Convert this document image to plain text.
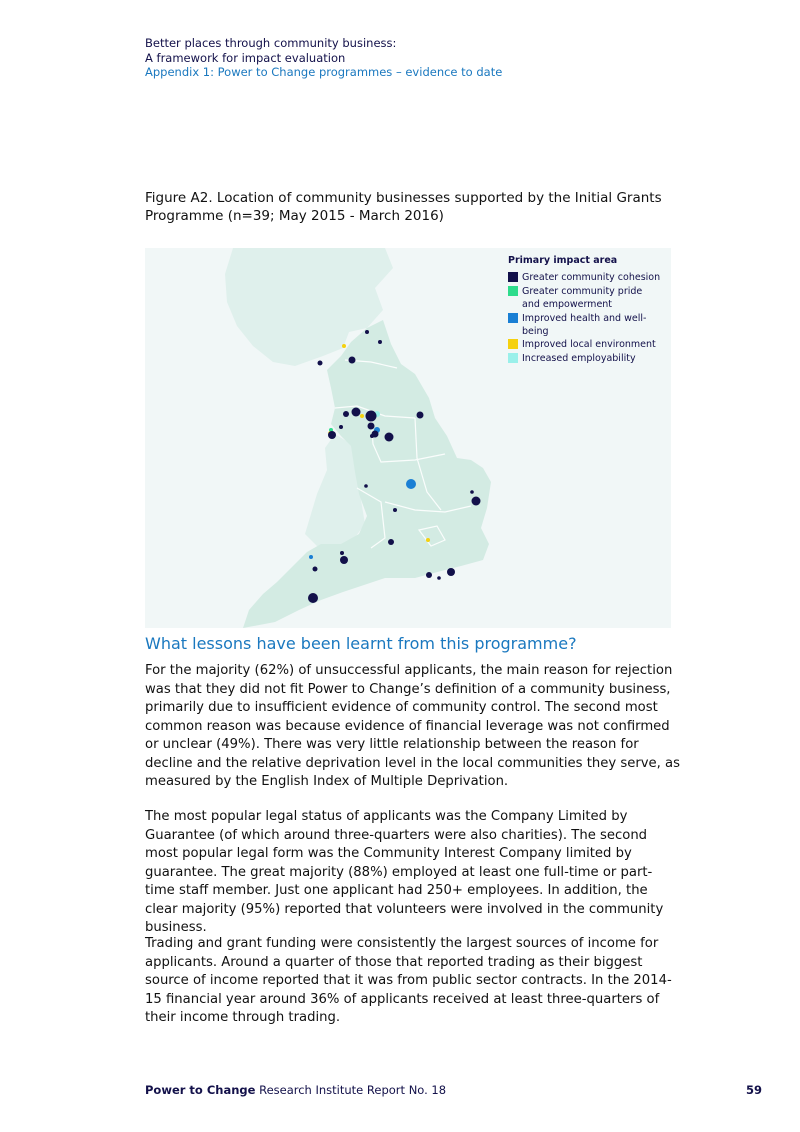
Better places through community business:
A framework for impact evaluation
Appendix 1: Power to Change programmes – evidence to date
Figure A2. Location of community businesses supported by the Initial Grants Programme (n=39; May 2015 - March 2016)
Primary impact area
Greater community cohesion
Greater community pride
and empowerment
Improved health and well-being
Improved local environment
Increased employability
What lessons have been learnt from this programme?

For the majority (62%) of unsuccessful applicants, the main reason for rejection was that they did not fit Power to Change’s definition of a community business, primarily due to insufficient evidence of community control. The second most common reason was because evidence of financial leverage was not confirmed or unclear (49%). There was very little relationship between the reason for decline and the relative deprivation level in the local communities they serve, as measured by the English Index of Multiple Deprivation.

The most popular legal status of applicants was the Company Limited by Guarantee (of which around three-quarters were also charities). The second most popular legal form was the Community Interest Company limited by guarantee. The great majority (88%) employed at least one full-time or part-time staff member. Just one applicant had 250+ employees. In addition, the clear majority (95%) reported that volunteers were involved in the community business.

Trading and grant funding were consistently the largest sources of income for applicants. Around a quarter of those that reported trading as their biggest source of income reported that it was from public sector contracts. In the 2014-15 financial year around 36% of applicants received at least three-quarters of their income through trading.

Power to Change Research Institute Report No. 18	59
